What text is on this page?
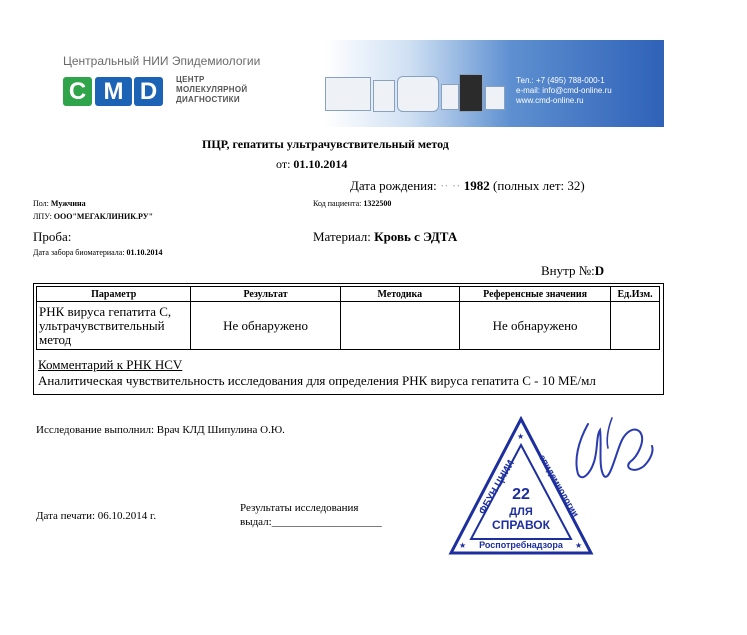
Центральный НИИ Эпидемиологии
C M D	ЦЕНТР
МОЛЕКУЛЯРНОЙ
ДИАГНОСТИКИ
Тел.: +7 (495) 788-000-1
e-mail: info@cmd-online.ru
www.cmd-online.ru
ПЦР, гепатиты ультрачувствительный метод
от: 01.10.2014
Дата рождения: ·· ·· 1982 (полных лет: 32)
Пол: Мужчина	Код пациента: 1322500
ЛПУ: ООО"МЕГАКЛИНИК.РУ"
Проба:	Материал: Кровь с ЭДТА
Дата забора биоматериала: 01.10.2014
Внутр №:D
Параметр	Результат	Методика	Референсные значения	Ед.Изм.
РНК вируса гепатита С, ультрачувствительный метод	Не обнаружено		Не обнаружено	
Комментарий к РНК HCV
Аналитическая чувствительность исследования для определения РНК вируса гепатита С - 10 МЕ/мл
Исследование выполнил: Врач КЛД Шипулина О.Ю.
Дата печати: 06.10.2014 г.
Результаты исследования
выдал:____________________
ФБУН ЦНИИ эпидемиологии
Роспотребнадзора
22
ДЛЯ
СПРАВОК
★	★
★
